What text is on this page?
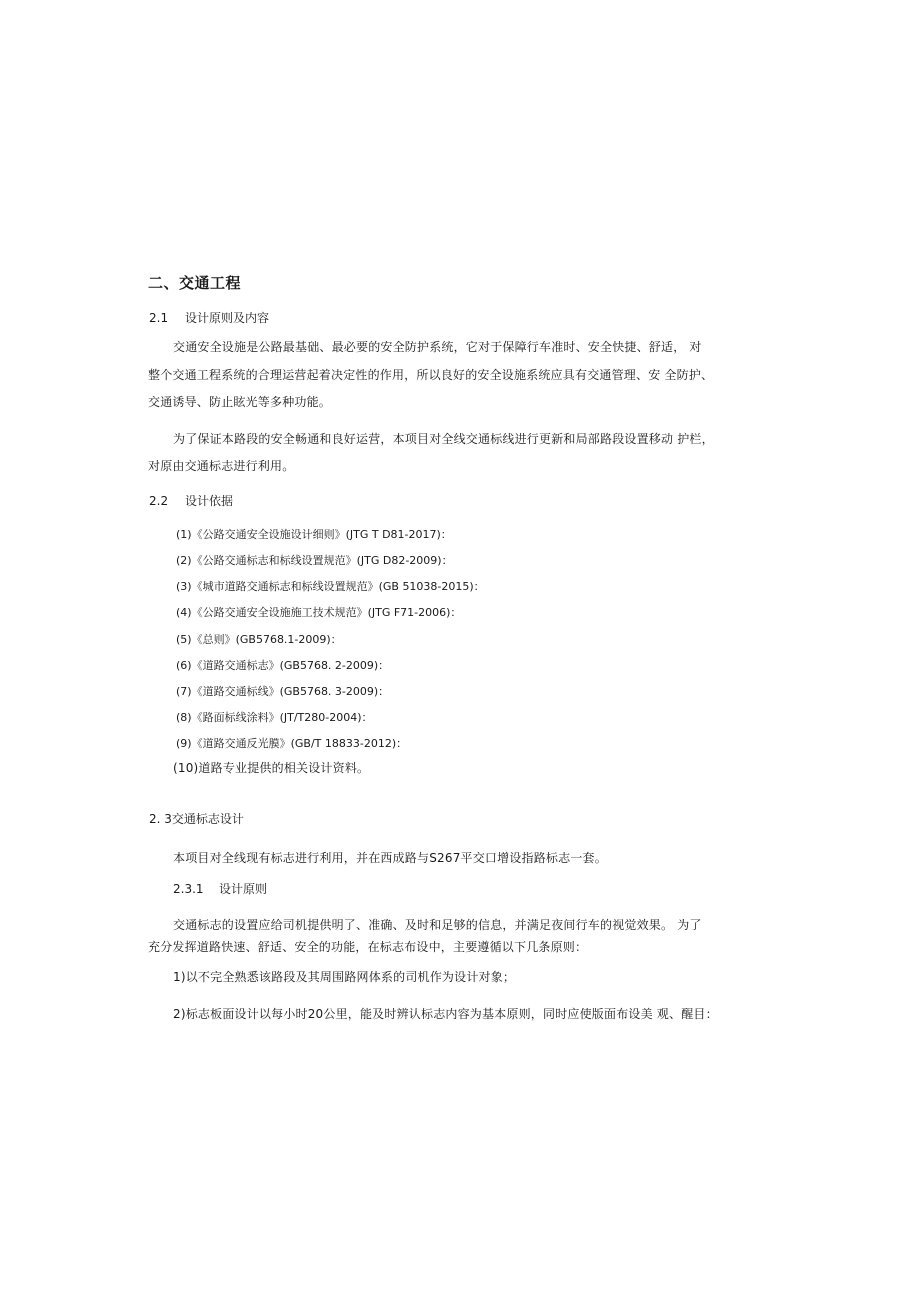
二、交通工程
2.1 设计原则及内容
交通安全设施是公路最基础、最必要的安全防护系统，它对于保障行车准时、安全快捷、舒适， 对
整个交通工程系统的合理运营起着决定性的作用，所以良好的安全设施系统应具有交通管理、安 全防护、
交通诱导、防止眩光等多种功能。
为了保证本路段的安全畅通和良好运营，本项目对全线交通标线进行更新和局部路段设置移动 护栏，
对原由交通标志进行利用。
2.2 设计依据
(1)《公路交通安全设施设计细则》(JTG T D81-2017)：
(2)《公路交通标志和标线设置规范》(JTG D82-2009)：
(3)《城市道路交通标志和标线设置规范》(GB 51038-2015)：
(4)《公路交通安全设施施工技术规范》(JTG F71-2006)：
(5)《总则》(GB5768.1-2009)：
(6)《道路交通标志》(GB5768. 2-2009)：
(7)《道路交通标线》(GB5768. 3-2009)：
(8)《路面标线涂料》(JT/T280-2004)：
(9)《道路交通反光膜》(GB/T 18833-2012)：
(10)道路专业提供的相关设计资料。
2. 3交通标志设计
本项目对全线现有标志进行利用，并在西成路与S267平交口增设指路标志一套。
2.3.1 设计原则
交通标志的设置应给司机提供明了、准确、及时和足够的信息，并满足夜间行车的视觉效果。 为了
充分发挥道路快速、舒适、安全的功能，在标志布设中，主要遵循以下几条原则：
1)以不完全熟悉该路段及其周围路网体系的司机作为设计对象；
2)标志板面设计以每小时20公里，能及时辨认标志内容为基本原则，同时应使版面布设美 观、醒目：
